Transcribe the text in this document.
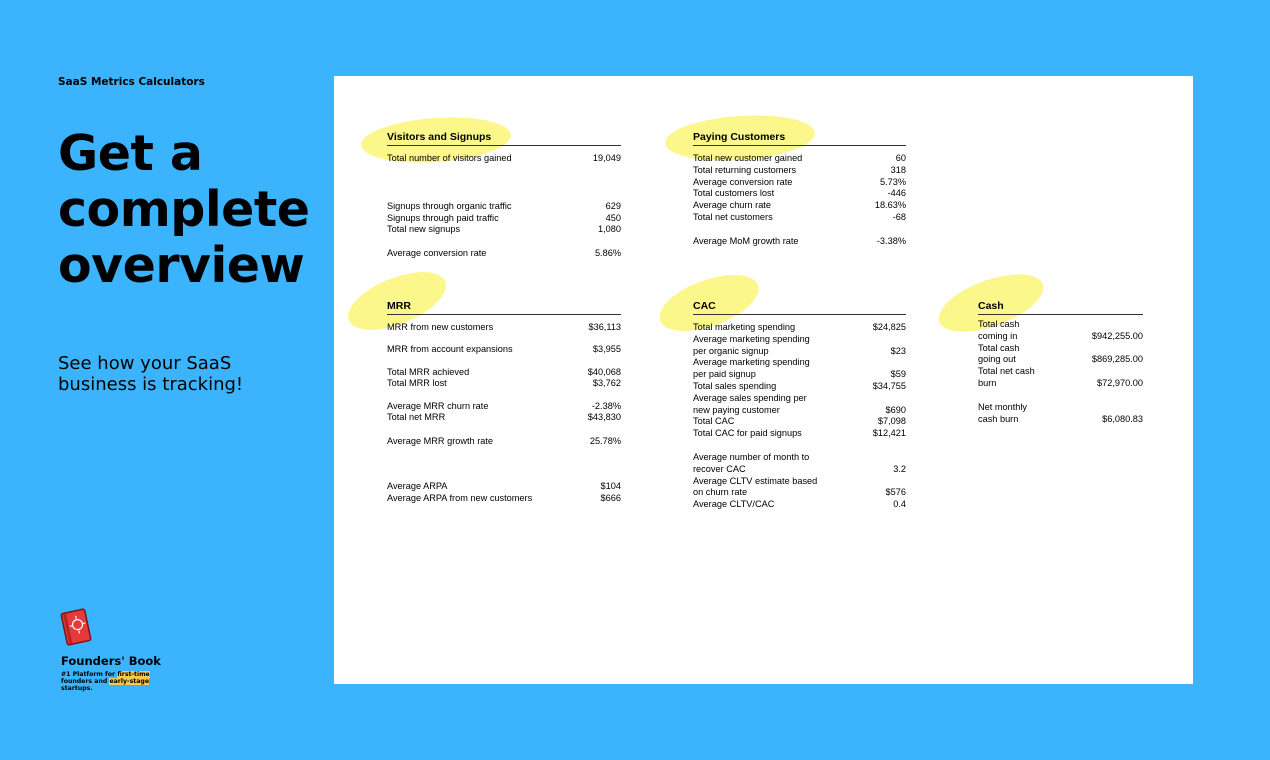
SaaS Metrics Calculators
Get a complete overview
See how your SaaS business is tracking!
Founders' Book
#1 Platform for first-time founders and early-stage startups.
Visitors and Signups
Total number of visitors gained	19,049
Signups through organic traffic	629
Signups through paid traffic	450
Total new signups	1,080
Average conversion rate	5.86%
Paying Customers
Total new customer gained	60
Total returning customers	318
Average conversion rate	5.73%
Total customers lost	-446
Average churn rate	18.63%
Total net customers	-68
Average MoM growth rate	-3.38%
MRR
MRR from new customers	$36,113
MRR from account expansions	$3,955
Total MRR achieved	$40,068
Total MRR lost	$3,762
Average MRR churn rate	-2.38%
Total net MRR	$43,830
Average MRR growth rate	25.78%
Average ARPA	$104
Average ARPA from new customers	$666
CAC
Total marketing spending	$24,825
Average marketing spending
per organic signup	$23
Average marketing spending
per paid signup	$59
Total sales spending	$34,755
Average sales spending per
new paying customer	$690
Total CAC	$7,098
Total CAC for paid signups	$12,421
Average number of month to
recover CAC	3.2
Average CLTV estimate based
on churn rate	$576
Average CLTV/CAC	0.4
Cash
Total cash
coming in	$942,255.00
Total cash
going out	$869,285.00
Total net cash
burn	$72,970.00
Net monthly
cash burn	$6,080.83
